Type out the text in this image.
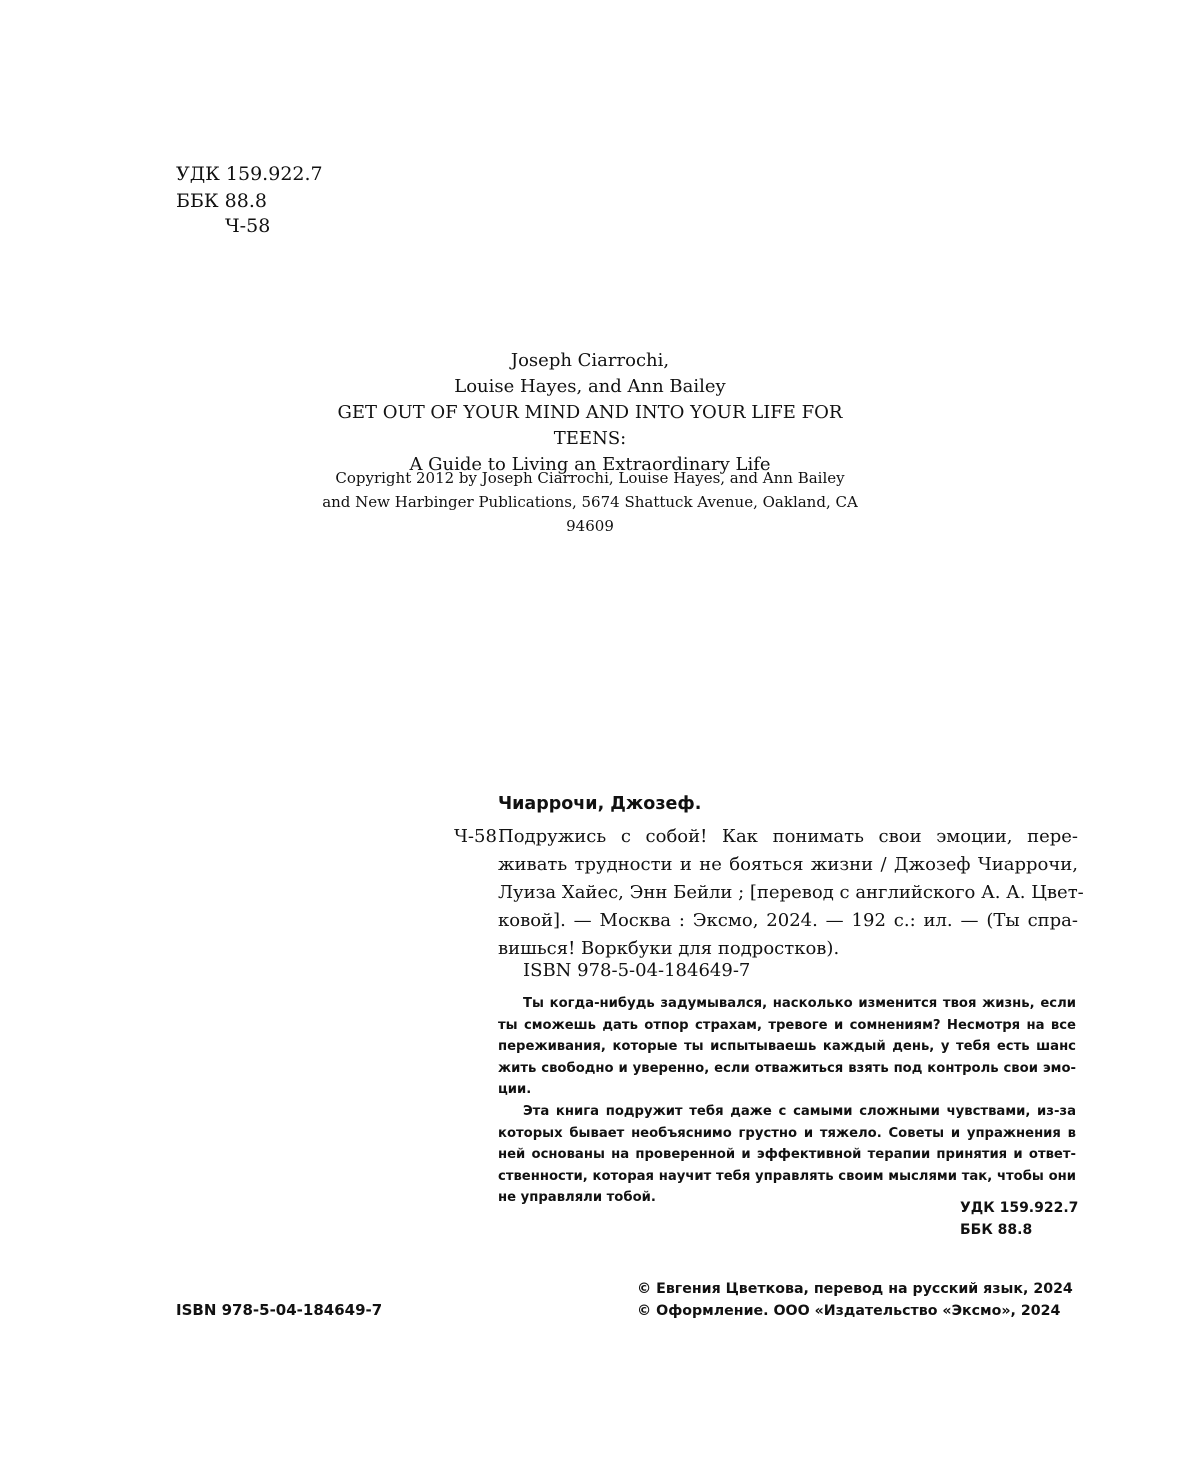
УДК 159.922.7
ББК 88.8
Ч-58
Joseph Ciarrochi,
Louise Hayes, and Ann Bailey
GET OUT OF YOUR MIND AND INTO YOUR LIFE FOR TEENS:
A Guide to Living an Extraordinary Life
Copyright 2012 by Joseph Ciarrochi, Louise Hayes, and Ann Bailey
and New Harbinger Publications, 5674 Shattuck Avenue, Oakland, CA 94609
Чиаррочи, Джозеф.
Ч-58 Подружись с собой! Как понимать свои эмоции, пере-
живать трудности и не бояться жизни / Джозеф Чиаррочи,
Луиза Хайес, Энн Бейли ; [перевод с английского А. А. Цвет-
ковой]. — Москва : Эксмо, 2024. — 192 с.: ил. — (Ты спра-
вишься! Воркбуки для подростков).
ISBN 978-5-04-184649-7
Ты когда-нибудь задумывался, насколько изменится твоя жизнь, если
ты сможешь дать отпор страхам, тревоге и сомнениям? Несмотря на все
переживания, которые ты испытываешь каждый день, у тебя есть шанс
жить свободно и уверенно, если отважиться взять под контроль свои эмо-
ции.
Эта книга подружит тебя даже с самыми сложными чувствами, из-за
которых бывает необъяснимо грустно и тяжело. Советы и упражнения в
ней основаны на проверенной и эффективной терапии принятия и ответ-
ственности, которая научит тебя управлять своим мыслями так, чтобы они
не управляли тобой.
УДК 159.922.7
ББК 88.8
ISBN 978-5-04-184649-7
© Евгения Цветкова, перевод на русский язык, 2024
© Оформление. ООО «Издательство «Эксмо», 2024
